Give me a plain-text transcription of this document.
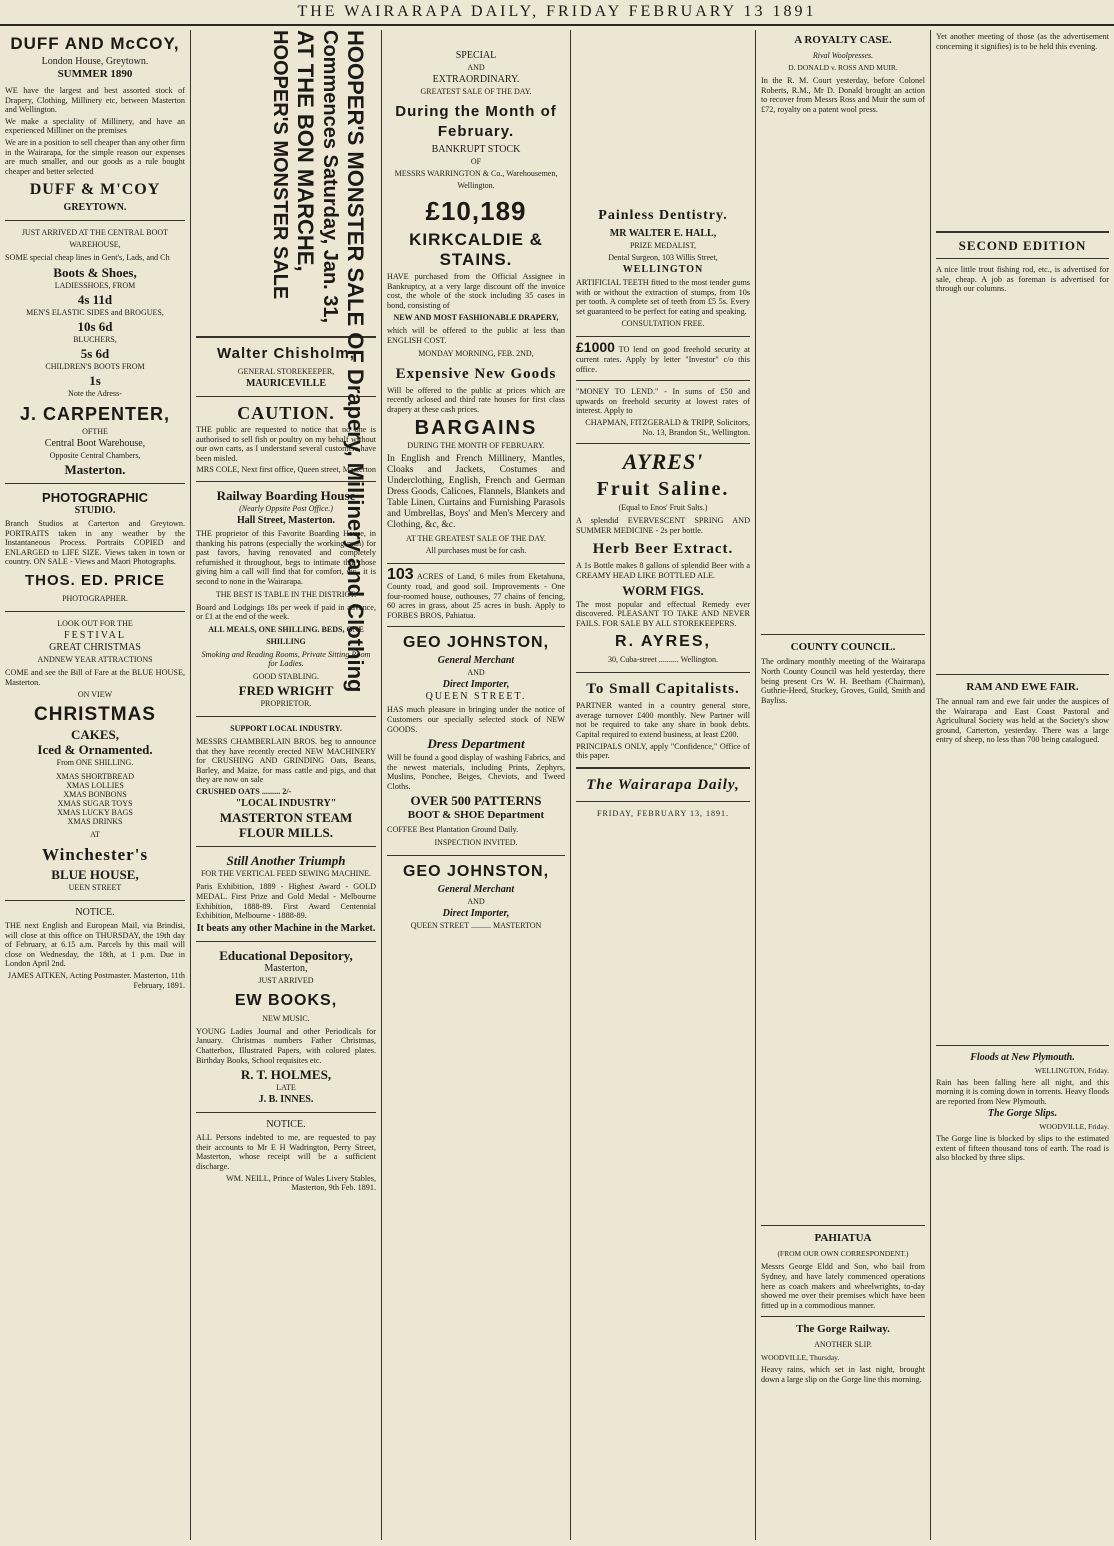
THE WAIRARAPA DAILY, FRIDAY FEBRUARY 13 1891
DUFF AND McCOY,
London House, Greytown.
SUMMER 1890

WE have the largest and best assorted stock of Drapery, Clothing, Millinery etc, between Masterton and Wellington.

We make a speciality of Millinery, and have an experienced Milliner on the premises

We are in a position to sell cheaper than any other firm in the Wairarapa, for the simple reason our expenses are much smaller, and our goods as a rule bought cheaper and better selected

DUFF & M'COY
GREYTOWN.
JUST ARRIVED AT THE CENTRAL BOOT WAREHOUSE,

SOME special cheap lines in Gent's, Lads, and Ch

Boots & Shoes,
LADIESSHOES, FROM
4s 11d
MEN'S ELASTIC SIDES and BROGUES,
10s 6d
BLUCHERS,
5s 6d
CHILDREN'S BOOTS FROM
1s
Note the Adress-
J. CARPENTER,
OFTHE
Central Boot Warehouse,
Opposite Central Chambers,
Masterton.
PHOTOGRAPHIC
STUDIO.

Branch Studios at Carterton and Greytown. PORTRAITS taken in any weather by the Instantaneous Process. Portraits COPIED and ENLARGED to LIFE SIZE. Views taken in town or country. ON SALE - Views and Maori Photographs.

THOS. ED. PRICE
PHOTOGRAPHER.
LOOK OUT FOR THE
FESTIVAL
GREAT CHRISTMAS
ANDNEW YEAR ATTRACTIONS

COME and see the Bill of Fare at the BLUE HOUSE, Masterton.

ON VIEW
CHRISTMAS
CAKES,
Iced & Ornamented.
From ONE SHILLING.
XMAS SHORTBREAD
XMAS LOLLIES
XMAS BONBONS
XMAS SUGAR TOYS
XMAS LUCKY BAGS
XMAS DRINKS
AT
Winchester's
BLUE HOUSE,
UEEN STREET
NOTICE.

THE next English and European Mail, via Brindisi, will close at this office on THURSDAY, the 19th day of February, at 6.15 a.m. Parcels by this mail will close on Wednesday, the 18th, at 1 p.m. Due in London April 2nd.

JAMES AITKEN, Acting Postmaster. Masterton, 11th February, 1891.

HOOPER'S MONSTER SALE OF Drapery, Millinery and Clothing
Commences Saturday, Jan. 31,
AT THE BON MARCHE,
HOOPER'S MONSTER SALE
Walter Chisholm,
GENERAL STOREKEEPER,
MAURICEVILLE
CAUTION.

THE public are requested to notice that no one is authorised to sell fish or poultry on my behalf without our own carts, as I understand several customers have been misled.

MRS COLE, Next first office, Queen street, Masterton

Railway Boarding House
(Nearly Oppsite Post Office.)
Hall Street, Masterton.

THE proprietor of this Favorite Boarding House, in thanking his patrons (especially the working man) for past favors, having renovated and completely refurnished it throughout, begs to intimate that those giving him a call will find that for comfort, etc., it is second to none in the Wairarapa.

THE BEST IS TABLE IN THE DISTRICT.

Board and Lodgings 18s per week if paid in advance, or £1 at the end of the week.

ALL MEALS, ONE SHILLING. BEDS, ONE SHILLING

Smoking and Reading Rooms, Private Sitting Room for Ladies.

GOOD STABLING.
FRED WRIGHT
PROPRIETOR.
SUPPORT LOCAL INDUSTRY.

MESSRS CHAMBERLAIN BROS. beg to announce that they have recently erected NEW MACHINERY for CRUSHING AND GRINDING Oats, Beans, Barley, and Maize, for mass cattle and pigs, and that they are now on sale

CRUSHED OATS ......... 2/-

"LOCAL INDUSTRY"
MASTERTON STEAM
FLOUR MILLS.
Still Another Triumph
FOR THE VERTICAL FEED SEWING MACHINE.

Paris Exhibition, 1889 - Highest Award - GOLD MEDAL. First Prize and Gold Medal - Melbourne Exhibition, 1888-89. First Award Centennial Exhibition, Melbourne - 1888-89.

It beats any other Machine in the Market.
Educational Depository,
Masterton,
JUST ARRIVED
EW BOOKS,
NEW MUSIC.

YOUNG Ladies Journal and other Periodicals for January. Christmas numbers Father Christmas, Chatterbox, Illustrated Papers, with colored plates. Birthday Books, School requisites etc.

R. T. HOLMES,
LATE
J. B. INNES.
NOTICE.

ALL Persons indebted to me, are requested to pay their accounts to Mr E H Wadrington, Perry Street, Masterton, whose receipt will be a sufficient discharge.

WM. NEILL, Prince of Wales Livery Stables, Masterton, 9th Feb. 1891.

SPECIAL
AND
EXTRAORDINARY.
GREATEST SALE OF THE DAY.
During the Month of February.
BANKRUPT STOCK
OF
MESSRS WARRINGTON & Co., Warehousemen, Wellington.
£10,189
KIRKCALDIE & STAINS.

HAVE purchased from the Official Assignee in Bankruptcy, at a very large discount off the invoice cost, the whole of the stock including 35 cases in bond, consisting of

NEW AND MOST FASHIONABLE DRAPERY,

which will be offered to the public at less than ENGLISH COST.

MONDAY MORNING, FEB. 2ND,
Expensive New Goods

Will be offered to the public at prices which are recently aclosed and third rate houses for first class drapery at these cash prices.

BARGAINS
DURING THE MONTH OF FEBRUARY.

In English and French Millinery, Mantles, Cloaks and Jackets, Costumes and Underclothing, English, French and German Dress Goods, Calicoes, Flannels, Blankets and Table Linen, Curtains and Furnishing Parasols and Umbrellas, Boys' and Men's Mercery and Clothing, &c, &c.

AT THE GREATEST SALE OF THE DAY.
All purchases must be for cash.

103 ACRES of Land, 6 miles from Eketahuna, County road, and good soil. Improvements - One four-roomed house, outhouses, 77 chains of fencing, 60 acres in grass, about 25 acres in bush. Apply to FORBES BROS, Pahiatua.

GEO JOHNSTON,
General Merchant
AND
Direct Importer,
QUEEN STREET.

HAS much pleasure in bringing under the notice of Customers our specially selected stock of NEW GOODS.

Dress Department

Will be found a good display of washing Fabrics, and the newest materials, including Prints, Zephyrs, Muslins, Ponchee, Beiges, Cheviots, and Tweed Cloths.

OVER 500 PATTERNS
BOOT & SHOE Department

COFFEE Best Plantation Ground Daily.

INSPECTION INVITED.
GEO JOHNSTON,
General Merchant
AND
Direct Importer,
QUEEN STREET .......... MASTERTON
Painless Dentistry.
MR WALTER E. HALL,
PRIZE MEDALIST,
Dental Surgeon, 103 Willis Street,
WELLINGTON

ARTIFICIAL TEETH fitted to the most tender gums with or without the extraction of stumps, from 10s per tooth. A complete set of teeth from £5 5s. Every set guaranteed to be perfect for eating and speaking.

CONSULTATION FREE.

£1000 TO lend on good freehold security at current rates. Apply by letter "Investor" c/o this office.

"MONEY TO LEND." - In sums of £50 and upwards on freehold security at lowest rates of interest. Apply to

CHAPMAN, FITZGERALD & TRIPP, Solicitors, No. 13, Brandon St., Wellington.

AYRES'
Fruit Saline.
(Equal to Enos' Fruit Salts.)

A splendid EVERVESCENT SPRING AND SUMMER MEDICINE - 2s per bottle.

Herb Beer Extract.

A 1s Bottle makes 8 gallons of splendid Beer with a CREAMY HEAD LIKE BOTTLED ALE.

WORM FIGS.

The most popular and effectual Remedy ever discovered. PLEASANT TO TAKE AND NEVER FAILS. FOR SALE BY ALL STOREKEEPERS.

R. AYRES,
30, Cuba-street .......... Wellington.
To Small Capitalists.

PARTNER wanted in a country general store, average turnover £400 monthly. New Partner will not be required to take any share in book debts. Capital required to extend business, at least £200.

PRINCIPALS ONLY, apply "Confidence," Office of this paper.

The Wairarapa Daily,
FRIDAY, FEBRUARY 13, 1891.
A ROYALTY CASE.
Rival Woolpresses.
D. DONALD v. ROSS AND MUIR.

In the R. M. Court yesterday, before Colonel Roberts, R.M., Mr D. Donald brought an action to recover from Messrs Ross and Muir the sum of £72, royalty on a patent wool press.

COUNTY COUNCIL.

The ordinary monthly meeting of the Wairarapa North County Council was held yesterday, there being present Crs W. H. Beetham (Chairman), Guthrie-Heed, Stuckey, Groves, Guild, Smith and Bayliss.

PAHIATUA
(FROM OUR OWN CORRESPONDENT.)

Messrs George Eldd and Son, who bail from Sydney, and have lately commenced operations here as coach makers and wheelwrights, to-day showed me over their premises which have been fitted up in a commodious manner.

The Gorge Railway.
ANOTHER SLIP.

WOODVILLE, Thursday.

Heavy rains, which set in last night, brought down a large slip on the Gorge line this morning.

Yet another meeting of those (as the advertisement concerning it signifies) is to be held this evening.

SECOND EDITION

A nice little trout fishing rod, etc., is advertised for sale, cheap. A job as foreman is advertised for through our columns.

RAM AND EWE FAIR.

The annual ram and ewe fair under the auspices of the Wairarapa and East Coast Pastoral and Agricultural Society was held at the Society's show ground, Carterton, yesterday. There was a large entry of sheep, no less than 700 being catalogued.

Floods at New Plymouth.

WELLINGTON, Friday.

Rain has been falling here all night, and this morning it is coming down in torrents. Heavy floods are reported from New Plymouth.

The Gorge Slips.

WOODVILLE, Friday.

The Gorge line is blocked by slips to the estimated extent of fifteen thousand tons of earth. The road is also blocked by three slips.
